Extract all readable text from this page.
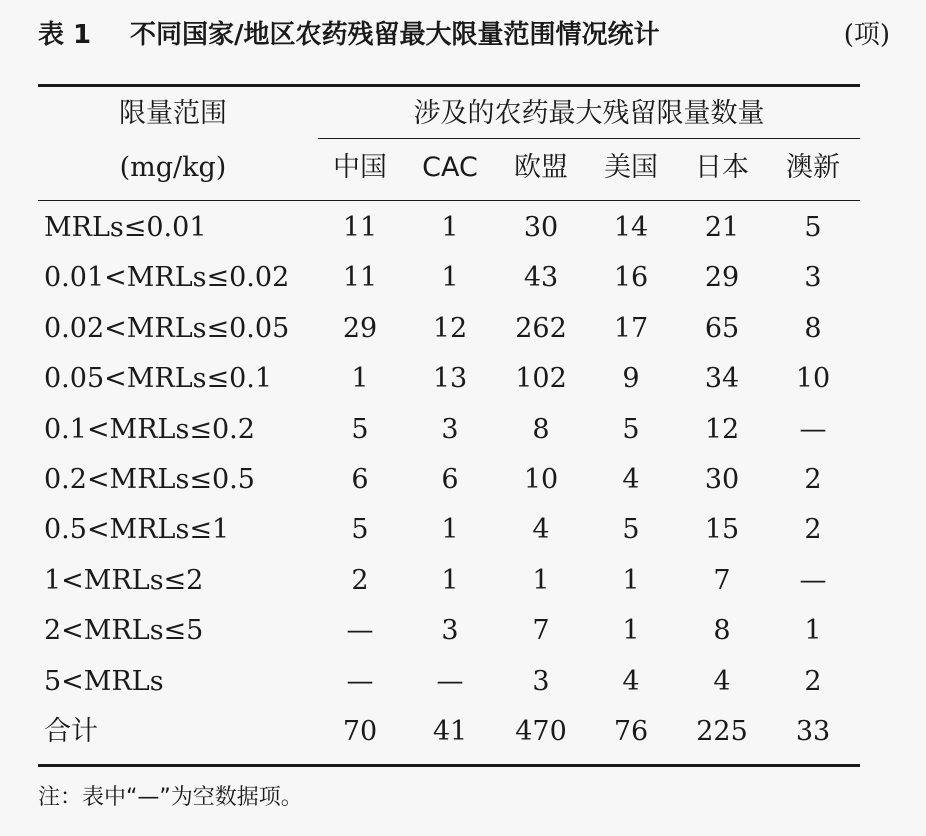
表 1 不同国家/地区农药残留最大限量范围情况统计	(项)
限量范围
(mg/kg)
涉及的农药最大残留限量数量
中国	CAC	欧盟	美国	日本	澳新
MRLs≤0.01	11	1	30	14	21	5
0.01<MRLs≤0.02	11	1	43	16	29	3
0.02<MRLs≤0.05	29	12	262	17	65	8
0.05<MRLs≤0.1	1	13	102	9	34	10
0.1<MRLs≤0.2	5	3	8	5	12	—
0.2<MRLs≤0.5	6	6	10	4	30	2
0.5<MRLs≤1	5	1	4	5	15	2
1<MRLs≤2	2	1	1	1	7	—
2<MRLs≤5	—	3	7	1	8	1
5<MRLs	—	—	3	4	4	2
合计	70	41	470	76	225	33
注：表中“—”为空数据项。
